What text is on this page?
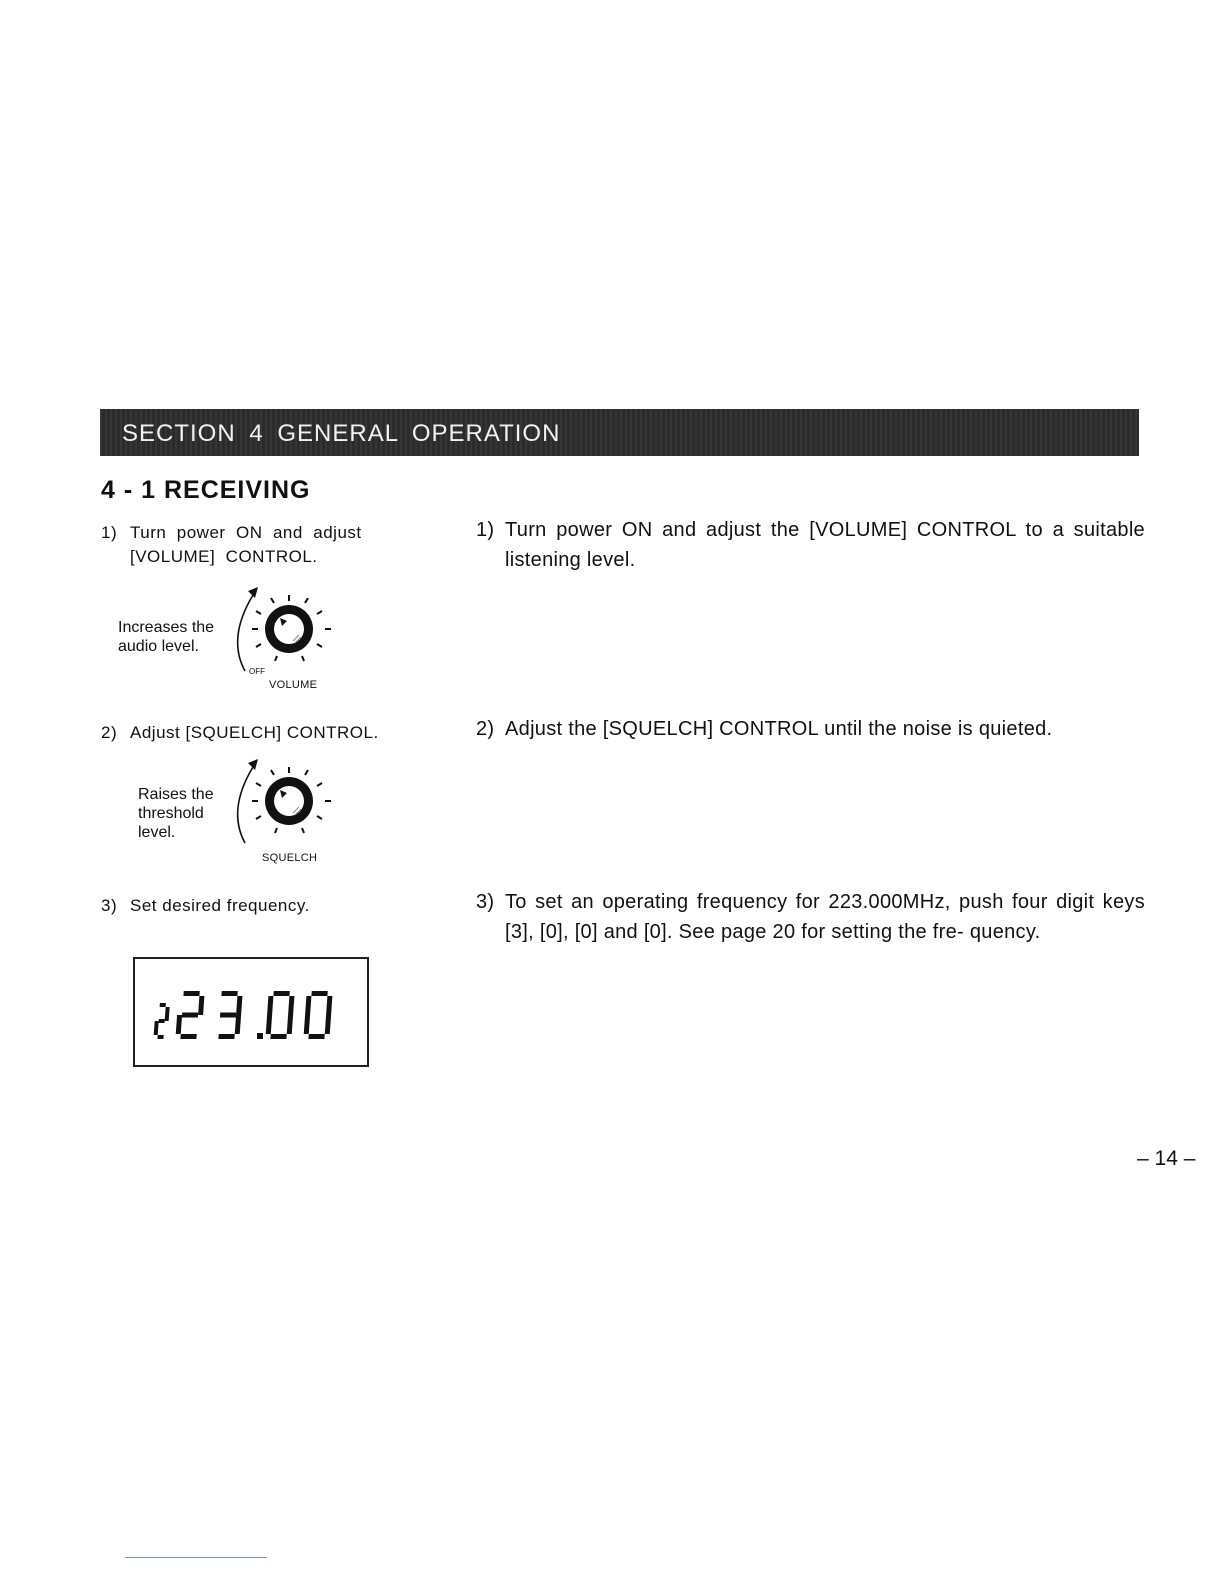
SECTION 4 GENERAL OPERATION
4 - 1 RECEIVING
1) Turn  power  ON  and  adjust
[VOLUME]  CONTROL.
Increases the
audio level.
OFF
VOLUME
2) Adjust [SQUELCH] CONTROL.
Raises the
threshold
level.
SQUELCH
3) Set desired frequency.
1) Turn power ON and adjust the [VOLUME] CONTROL to a suitable listening level.
2) Adjust the [SQUELCH] CONTROL until the noise is quieted.
3) To set an operating frequency for 223.000MHz, push four digit keys [3], [0], [0] and [0]. See page 20 for setting the fre- quency.
– 14 –
